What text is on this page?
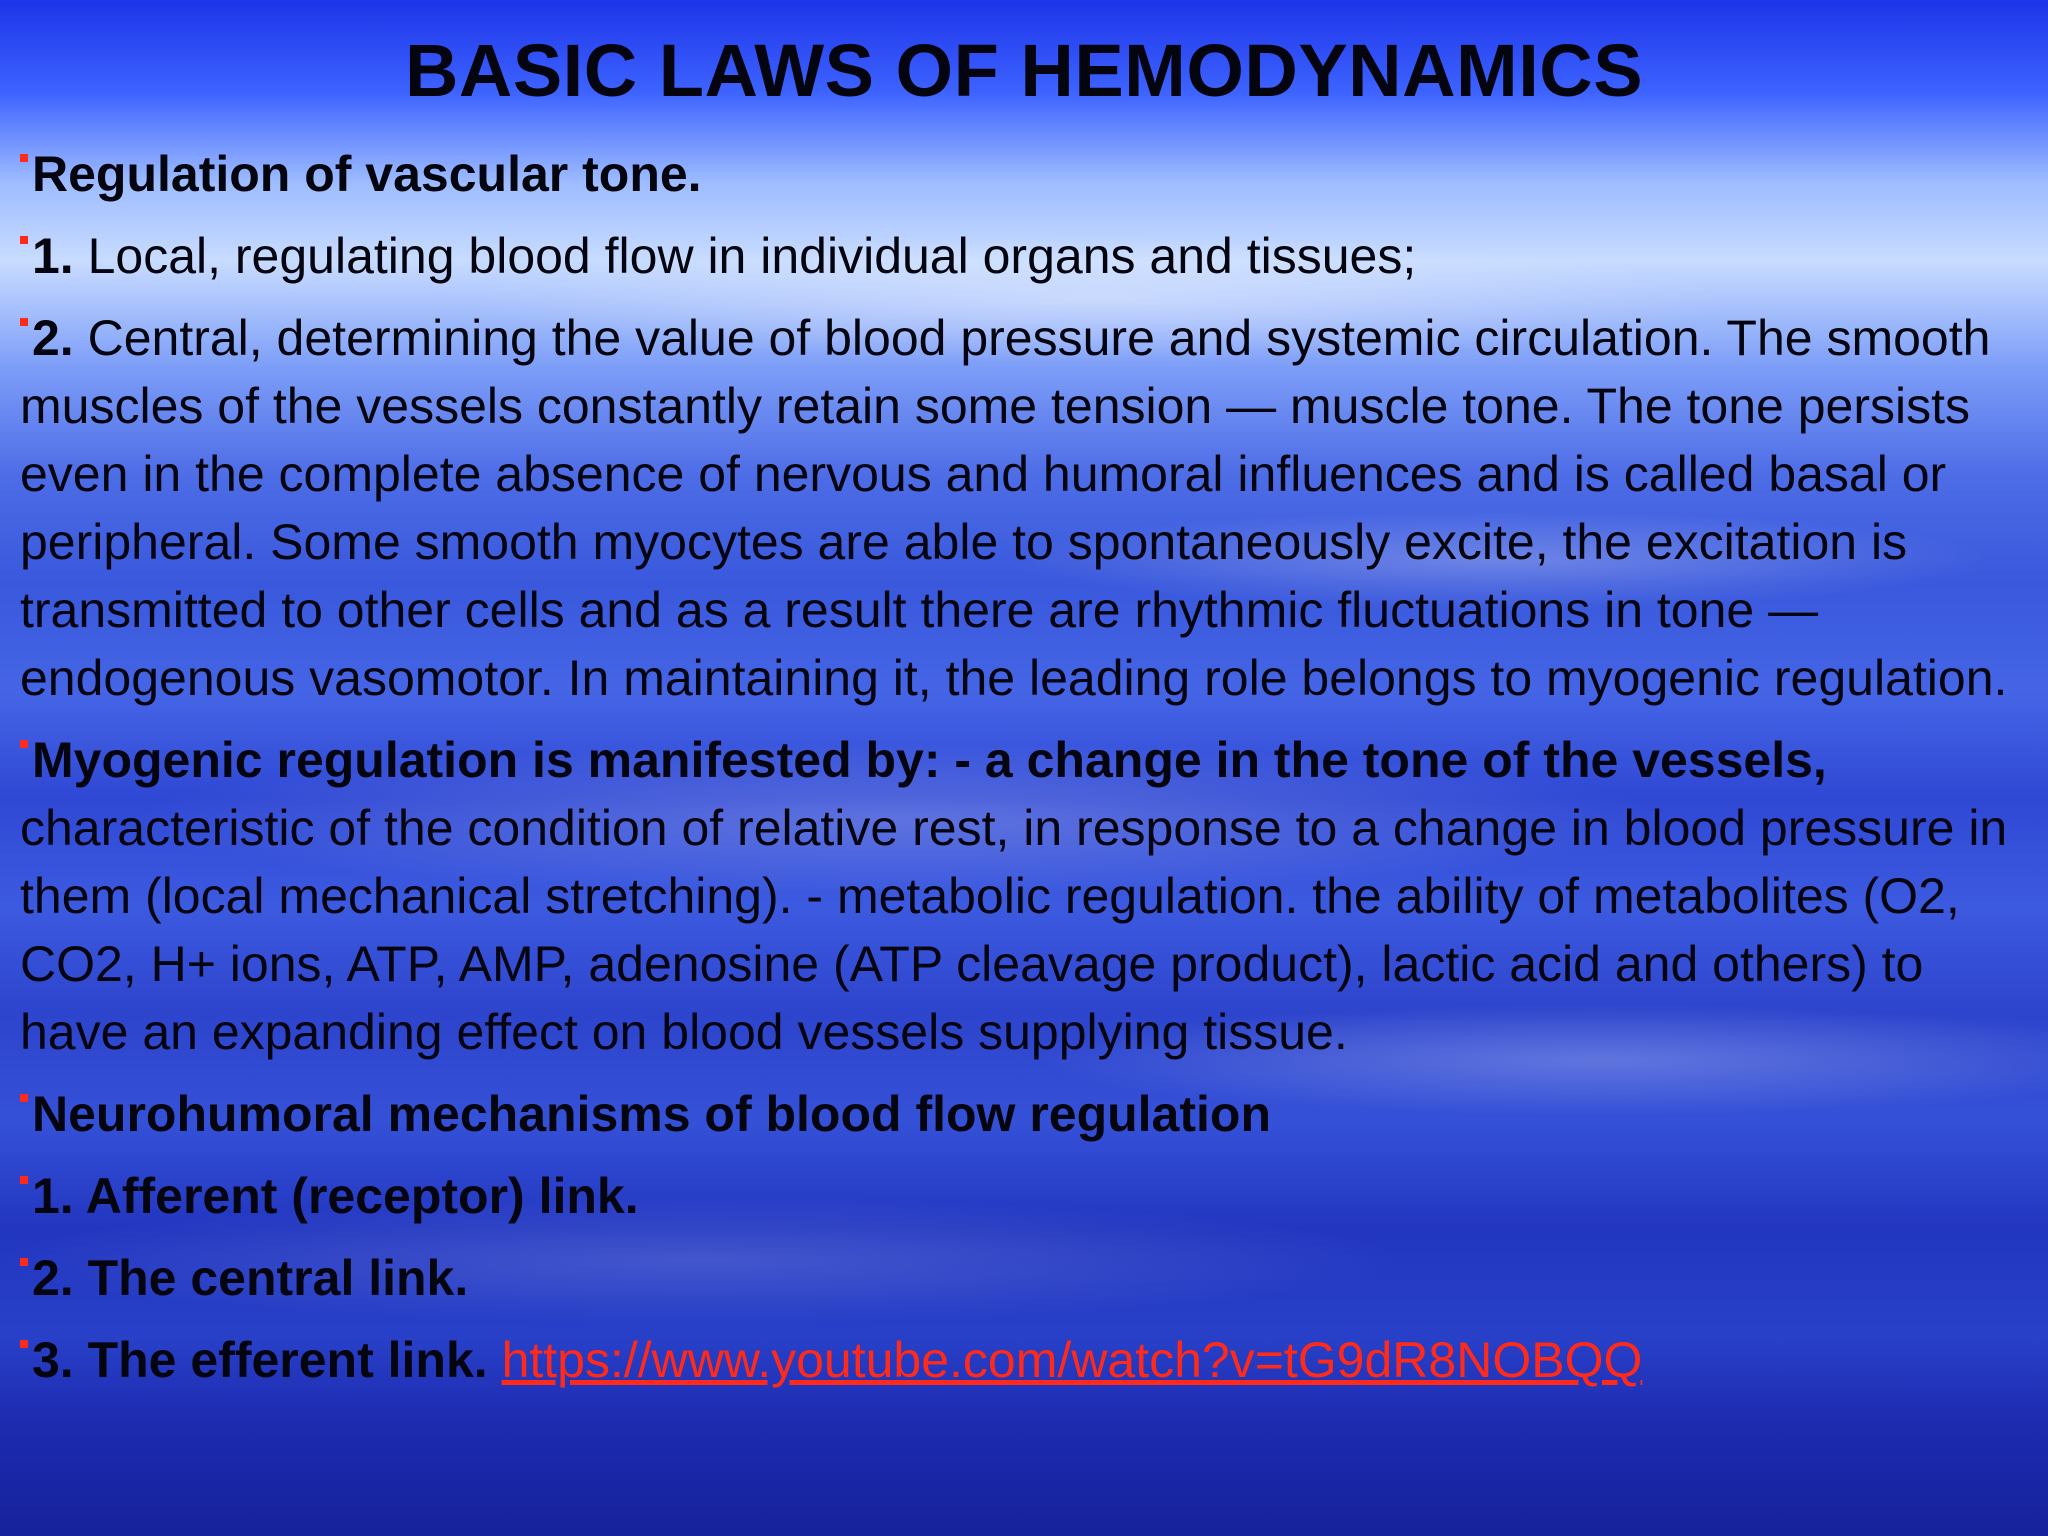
BASIC LAWS OF HEMODYNAMICS

Regulation of vascular tone.

1. Local, regulating blood flow in individual organs and tissues;

2. Central, determining the value of blood pressure and systemic circulation. The smooth muscles of the vessels constantly retain some tension — muscle tone. The tone persists even in the complete absence of nervous and humoral influences and is called basal or peripheral. Some smooth myocytes are able to spontaneously excite, the excitation is transmitted to other cells and as a result there are rhythmic fluctuations in tone — endogenous vasomotor. In maintaining it, the leading role belongs to myogenic regulation.

Myogenic regulation is manifested by: - a change in the tone of the vessels, characteristic of the condition of relative rest, in response to a change in blood pressure in them (local mechanical stretching). - metabolic regulation. the ability of metabolites (O2, CO2, H+ ions, ATP, AMP, adenosine (ATP cleavage product), lactic acid and others) to have an expanding effect on blood vessels supplying tissue.

Neurohumoral mechanisms of blood flow regulation

1. Afferent (receptor) link.

2. The central link.

3. The efferent link. https://www.youtube.com/watch?v=tG9dR8NOBQQ
